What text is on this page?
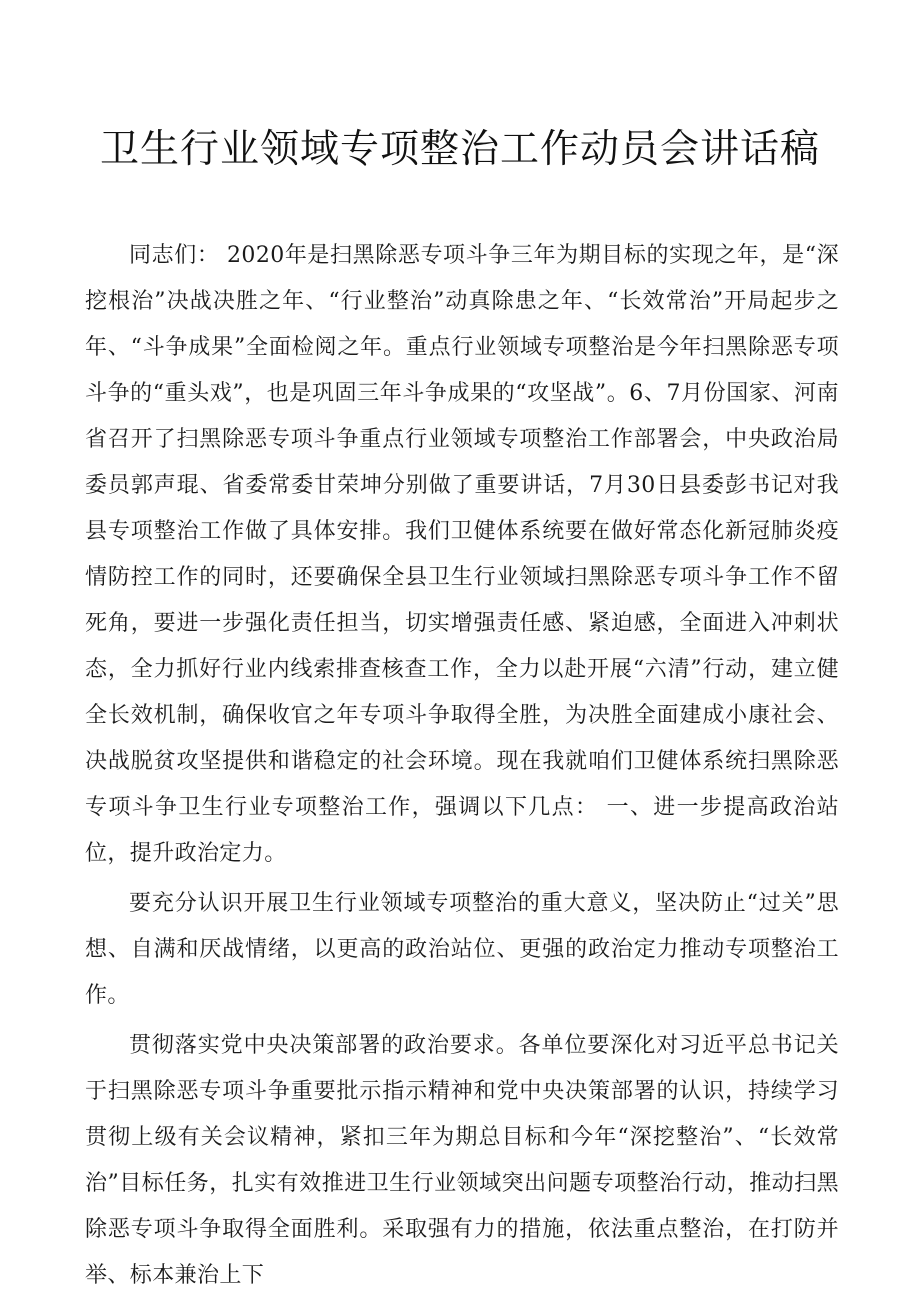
卫生行业领域专项整治工作动员会讲话稿

同志们： 2020年是扫黑除恶专项斗争三年为期目标的实现之年，是“深挖根治”决战决胜之年、“行业整治”动真除患之年、“长效常治”开局起步之年、“斗争成果”全面检阅之年。重点行业领域专项整治是今年扫黑除恶专项斗争的“重头戏”，也是巩固三年斗争成果的“攻坚战”。6、7月份国家、河南省召开了扫黑除恶专项斗争重点行业领域专项整治工作部署会，中央政治局委员郭声琨、省委常委甘荣坤分别做了重要讲话，7月30日县委彭书记对我县专项整治工作做了具体安排。我们卫健体系统要在做好常态化新冠肺炎疫情防控工作的同时，还要确保全县卫生行业领域扫黑除恶专项斗争工作不留死角，要进一步强化责任担当，切实增强责任感、紧迫感，全面进入冲刺状态，全力抓好行业内线索排查核查工作，全力以赴开展“六清”行动，建立健全长效机制，确保收官之年专项斗争取得全胜，为决胜全面建成小康社会、决战脱贫攻坚提供和谐稳定的社会环境。现在我就咱们卫健体系统扫黑除恶专项斗争卫生行业专项整治工作，强调以下几点： 一、进一步提高政治站位，提升政治定力。

要充分认识开展卫生行业领域专项整治的重大意义，坚决防止“过关”思想、自满和厌战情绪，以更高的政治站位、更强的政治定力推动专项整治工作。

贯彻落实党中央决策部署的政治要求。各单位要深化对习近平总书记关于扫黑除恶专项斗争重要批示指示精神和党中央决策部署的认识，持续学习贯彻上级有关会议精神，紧扣三年为期总目标和今年“深挖整治”、“长效常治”目标任务，扎实有效推进卫生行业领域突出问题专项整治行动，推动扫黑除恶专项斗争取得全面胜利。采取强有力的措施，依法重点整治，在打防并举、标本兼治上下
